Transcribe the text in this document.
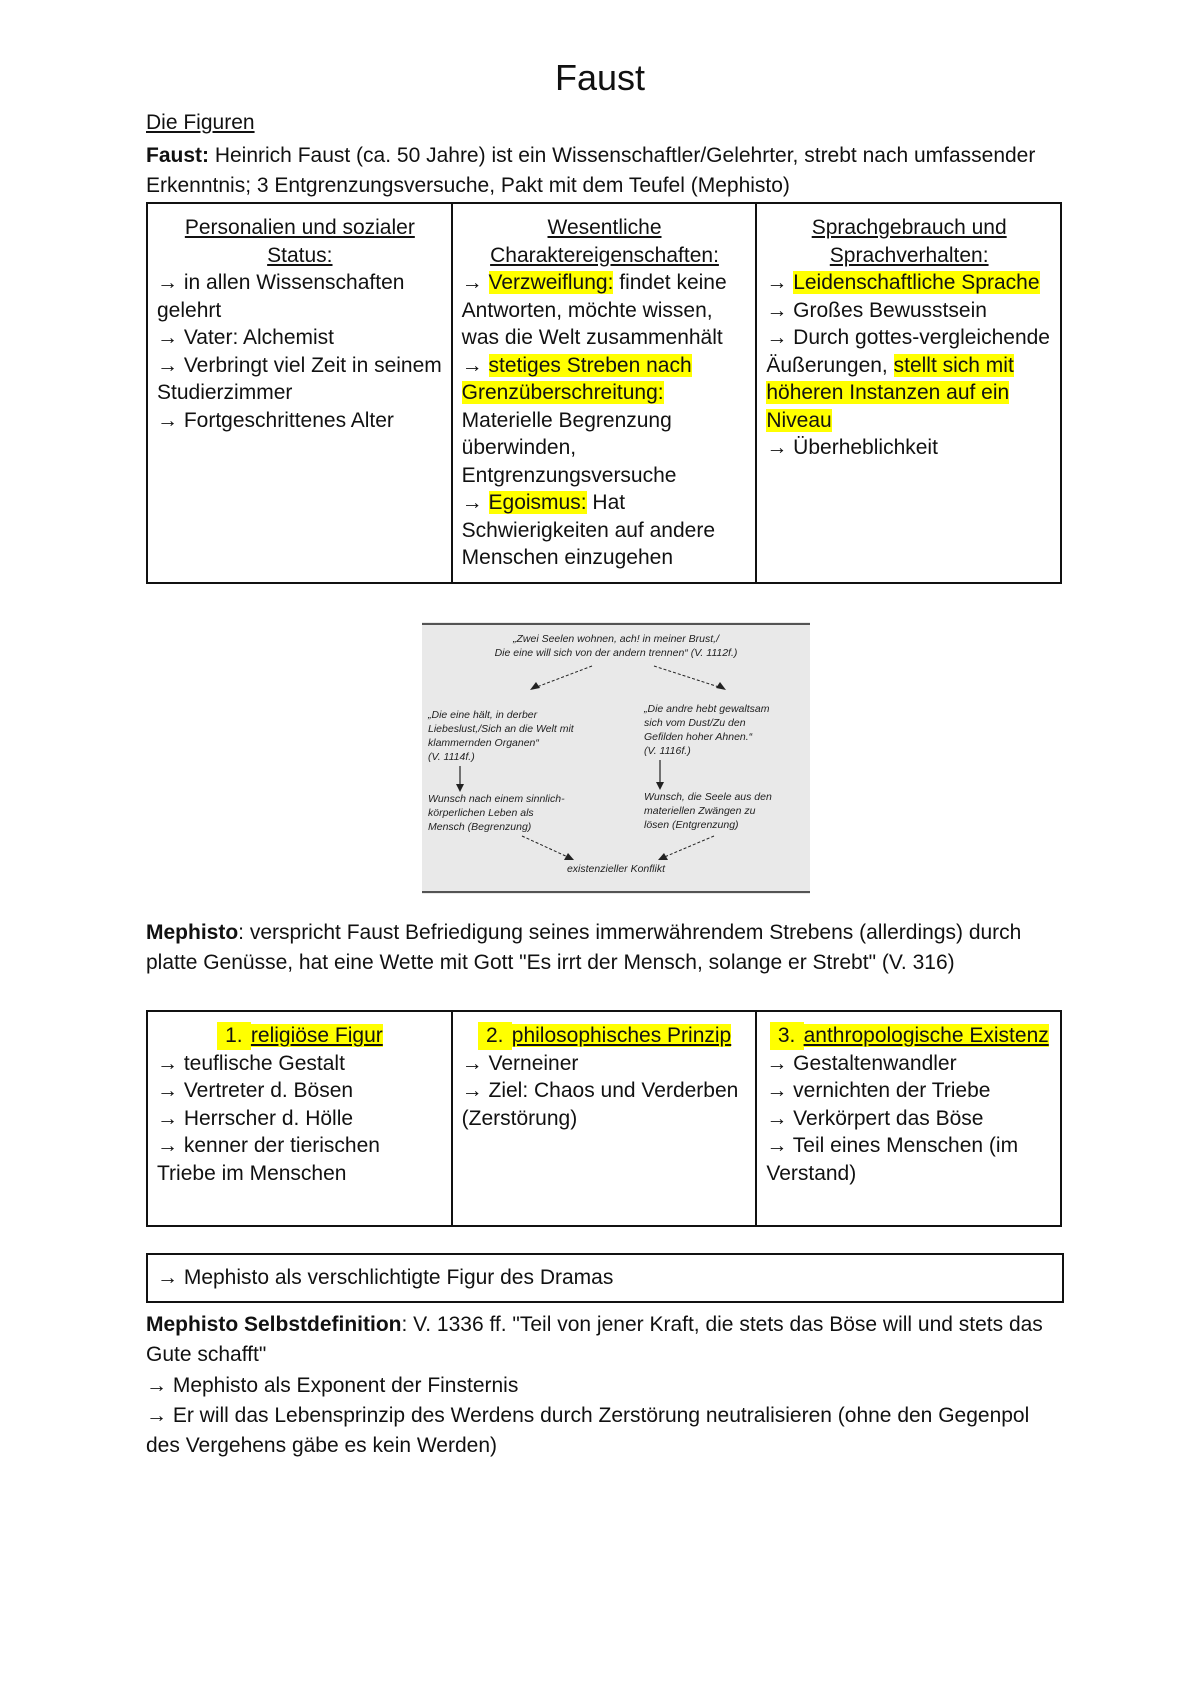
Faust
Die Figuren
Faust: Heinrich Faust (ca. 50 Jahre) ist ein Wissenschaftler/Gelehrter, strebt nach umfassender Erkenntnis; 3 Entgrenzungsversuche, Pakt mit dem Teufel (Mephisto)
Personalien und sozialer Status:
→ in allen Wissenschaften gelehrt
→ Vater: Alchemist
→ Verbringt viel Zeit in seinem Studierzimmer
→ Fortgeschrittenes Alter
Wesentliche Charaktereigenschaften:
→ Verzweiflung: findet keine Antworten, möchte wissen, was die Welt zusammenhält
→ stetiges Streben nach Grenzüberschreitung: Materielle Begrenzung überwinden, Entgrenzungsversuche
→ Egoismus: Hat Schwierigkeiten auf andere Menschen einzugehen
Sprachgebrauch und Sprachverhalten:
→ Leidenschaftliche Sprache
→ Großes Bewusstsein
→ Durch gottes-vergleichende Äußerungen, stellt sich mit höheren Instanzen auf ein Niveau
→ Überheblichkeit
„Zwei Seelen wohnen, ach! in meiner Brust,/
Die eine will sich von der andern trennen“ (V. 1112f.)
„Die eine hält, in derber
Liebeslust,/Sich an die Welt mit
klammernden Organen“
(V. 1114f.)
Wunsch nach einem sinnlich-
körperlichen Leben als
Mensch (Begrenzung)
„Die andre hebt gewaltsam
sich vom Dust/Zu den
Gefilden hoher Ahnen.“
(V. 1116f.)
Wunsch, die Seele aus den
materiellen Zwängen zu
lösen (Entgrenzung)
existenzieller Konflikt
Mephisto: verspricht Faust Befriedigung seines immerwährendem Strebens (allerdings) durch platte Genüsse, hat eine Wette mit Gott "Es irrt der Mensch, solange er Strebt" (V. 316)
1. religiöse Figur
→ teuflische Gestalt
→ Vertreter d. Bösen
→ Herrscher d. Hölle
→ kenner der tierischen Triebe im Menschen
2. philosophisches Prinzip
→ Verneiner
→ Ziel: Chaos und Verderben (Zerstörung)
3. anthropologische Existenz
→ Gestaltenwandler
→ vernichten der Triebe
→ Verkörpert das Böse
→ Teil eines Menschen (im Verstand)
→ Mephisto als verschlichtigte Figur des Dramas
Mephisto Selbstdefinition: V. 1336 ff. "Teil von jener Kraft, die stets das Böse will und stets das Gute schafft"
→ Mephisto als Exponent der Finsternis
→ Er will das Lebensprinzip des Werdens durch Zerstörung neutralisieren (ohne den Gegenpol des Vergehens gäbe es kein Werden)
